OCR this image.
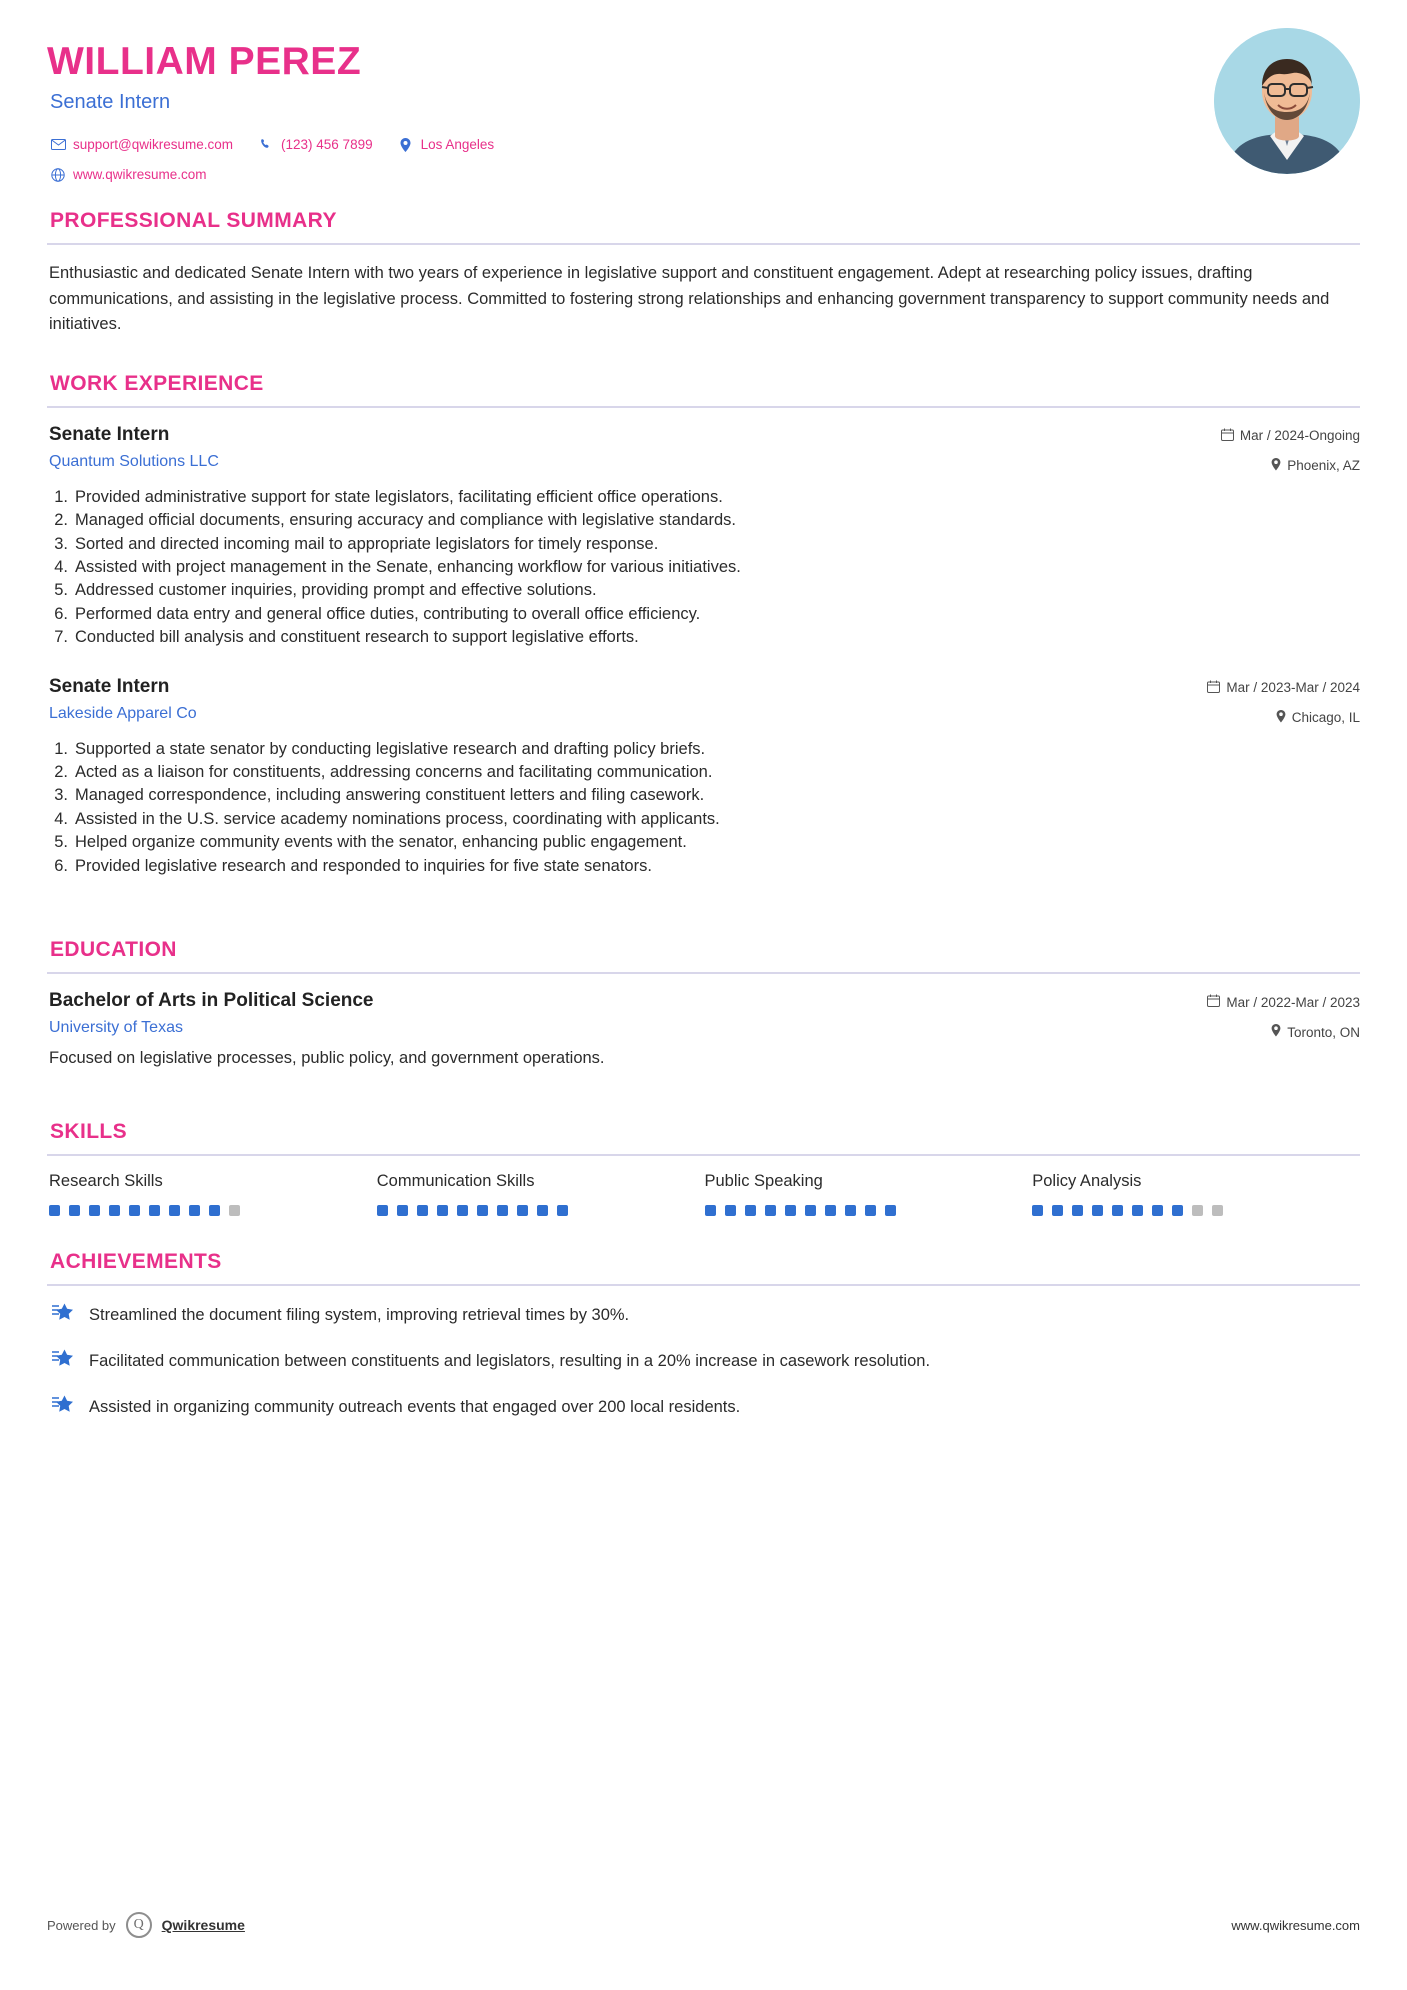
WILLIAM PEREZ
Senate Intern
support@qwikresume.com	(123) 456 7899	Los Angeles
www.qwikresume.com
PROFESSIONAL SUMMARY

Enthusiastic and dedicated Senate Intern with two years of experience in legislative support and constituent engagement. Adept at researching policy issues, drafting communications, and assisting in the legislative process. Committed to fostering strong relationships and enhancing government transparency to support community needs and initiatives.

WORK EXPERIENCE
Senate Intern
Quantum Solutions LLC
Mar / 2024-Ongoing
Phoenix, AZ
1. Provided administrative support for state legislators, facilitating efficient office operations.
2. Managed official documents, ensuring accuracy and compliance with legislative standards.
3. Sorted and directed incoming mail to appropriate legislators for timely response.
4. Assisted with project management in the Senate, enhancing workflow for various initiatives.
5. Addressed customer inquiries, providing prompt and effective solutions.
6. Performed data entry and general office duties, contributing to overall office efficiency.
7. Conducted bill analysis and constituent research to support legislative efforts.
Senate Intern
Lakeside Apparel Co
Mar / 2023-Mar / 2024
Chicago, IL
1. Supported a state senator by conducting legislative research and drafting policy briefs.
2. Acted as a liaison for constituents, addressing concerns and facilitating communication.
3. Managed correspondence, including answering constituent letters and filing casework.
4. Assisted in the U.S. service academy nominations process, coordinating with applicants.
5. Helped organize community events with the senator, enhancing public engagement.
6. Provided legislative research and responded to inquiries for five state senators.
EDUCATION
Bachelor of Arts in Political Science
University of Texas
Mar / 2022-Mar / 2023
Toronto, ON
Focused on legislative processes, public policy, and government operations.
SKILLS
Research Skills	Communication Skills	Public Speaking	Policy Analysis
ACHIEVEMENTS
Streamlined the document filing system, improving retrieval times by 30%.
Facilitated communication between constituents and legislators, resulting in a 20% increase in casework resolution.
Assisted in organizing community outreach events that engaged over 200 local residents.
Powered by	Q	Qwikresume	www.qwikresume.com
